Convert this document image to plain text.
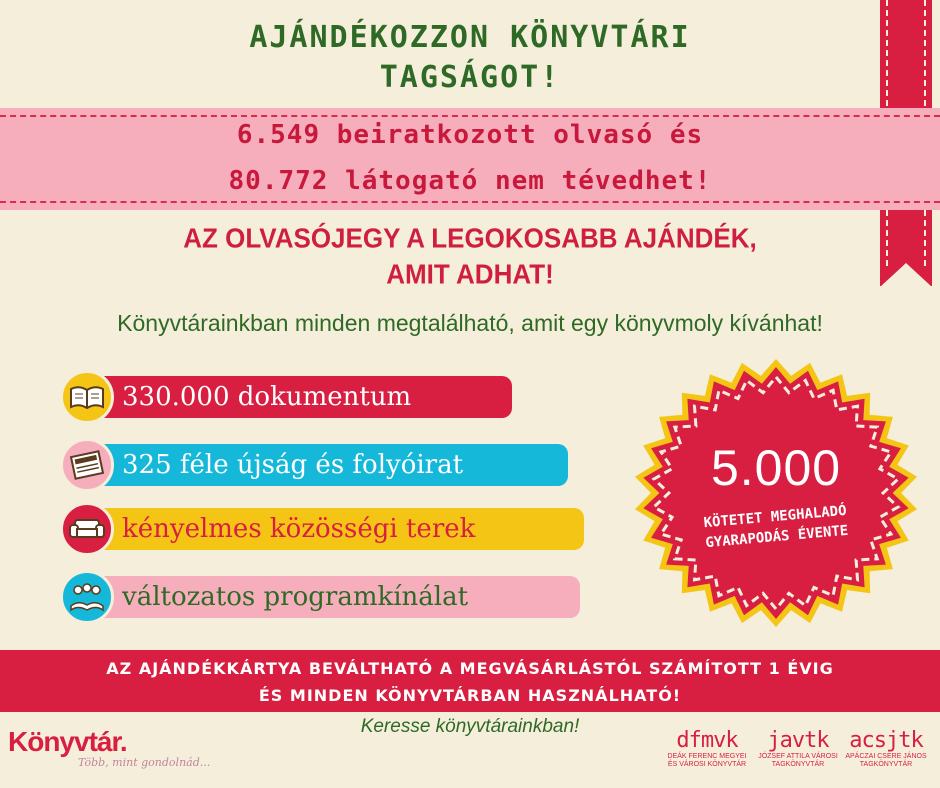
AJÁNDÉKOZZON KÖNYVTÁRI
TAGSÁGOT!
6.549 beiratkozott olvasó és
80.772 látogató nem tévedhet!
AZ OLVASÓJEGY A LEGOKOSABB AJÁNDÉK,
AMIT ADHAT!
Könyvtárainkban minden megtalálható, amit egy könyvmoly kívánhat!
330.000 dokumentum
325 féle újság és folyóirat
kényelmes közösségi terek
változatos programkínálat
5.000
KÖTETET MEGHALADÓ
GYARAPODÁS ÉVENTE
AZ AJÁNDÉKKÁRTYA BEVÁLTHATÓ A MEGVÁSÁRLÁSTÓL SZÁMÍTOTT 1 ÉVIG
ÉS MINDEN KÖNYVTÁRBAN HASZNÁLHATÓ!
Keresse könyvtárainkban!
Könyvtár.
Több, mint gondolnád...
dfmvk
DEÁK FERENC MEGYEI
ÉS VÁROSI KÖNYVTÁR
javtk
JÓZSEF ATTILA VÁROSI
TAGKÖNYVTÁR
acsjtk
APÁCZAI CSERE JÁNOS
TAGKÖNYVTÁR
